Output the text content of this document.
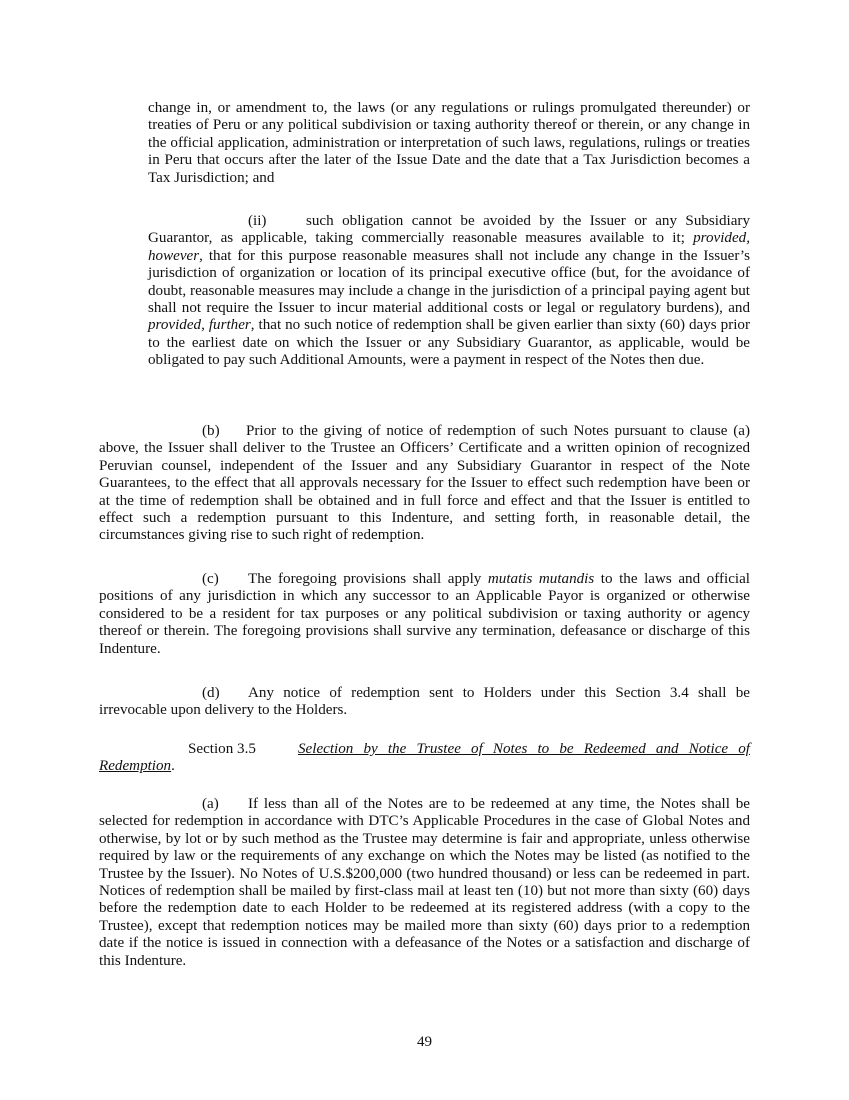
change in, or amendment to, the laws (or any regulations or rulings promulgated thereunder) or treaties of Peru or any political subdivision or taxing authority thereof or therein, or any change in the official application, administration or interpretation of such laws, regulations, rulings or treaties in Peru that occurs after the later of the Issue Date and the date that a Tax Jurisdiction becomes a Tax Jurisdiction; and

(ii)	such obligation cannot be avoided by the Issuer or any Subsidiary Guarantor, as applicable, taking commercially reasonable measures available to it; provided, however, that for this purpose reasonable measures shall not include any change in the Issuer’s jurisdiction of organization or location of its principal executive office (but, for the avoidance of doubt, reasonable measures may include a change in the jurisdiction of a principal paying agent but shall not require the Issuer to incur material additional costs or legal or regulatory burdens), and provided, further, that no such notice of redemption shall be given earlier than sixty (60) days prior to the earliest date on which the Issuer or any Subsidiary Guarantor, as applicable, would be obligated to pay such Additional Amounts, were a payment in respect of the Notes then due.

(b) Prior to the giving of notice of redemption of such Notes pursuant to clause (a) above, the Issuer shall deliver to the Trustee an Officers’ Certificate and a written opinion of recognized Peruvian counsel, independent of the Issuer and any Subsidiary Guarantor in respect of the Note Guarantees, to the effect that all approvals necessary for the Issuer to effect such redemption have been or at the time of redemption shall be obtained and in full force and effect and that the Issuer is entitled to effect such a redemption pursuant to this Indenture, and setting forth, in reasonable detail, the circumstances giving rise to such right of redemption.

(c) The foregoing provisions shall apply mutatis mutandis to the laws and official positions of any jurisdiction in which any successor to an Applicable Payor is organized or otherwise considered to be a resident for tax purposes or any political subdivision or taxing authority or agency thereof or therein. The foregoing provisions shall survive any termination, defeasance or discharge of this Indenture.

(d) Any notice of redemption sent to Holders under this Section 3.4 shall be irrevocable upon delivery to the Holders.

Section 3.5	Selection by the Trustee of Notes to be Redeemed and Notice of Redemption.

(a) If less than all of the Notes are to be redeemed at any time, the Notes shall be selected for redemption in accordance with DTC’s Applicable Procedures in the case of Global Notes and otherwise, by lot or by such method as the Trustee may determine is fair and appropriate, unless otherwise required by law or the requirements of any exchange on which the Notes may be listed (as notified to the Trustee by the Issuer). No Notes of U.S.$200,000 (two hundred thousand) or less can be redeemed in part. Notices of redemption shall be mailed by first-class mail at least ten (10) but not more than sixty (60) days before the redemption date to each Holder to be redeemed at its registered address (with a copy to the Trustee), except that redemption notices may be mailed more than sixty (60) days prior to a redemption date if the notice is issued in connection with a defeasance of the Notes or a satisfaction and discharge of this Indenture.

49
